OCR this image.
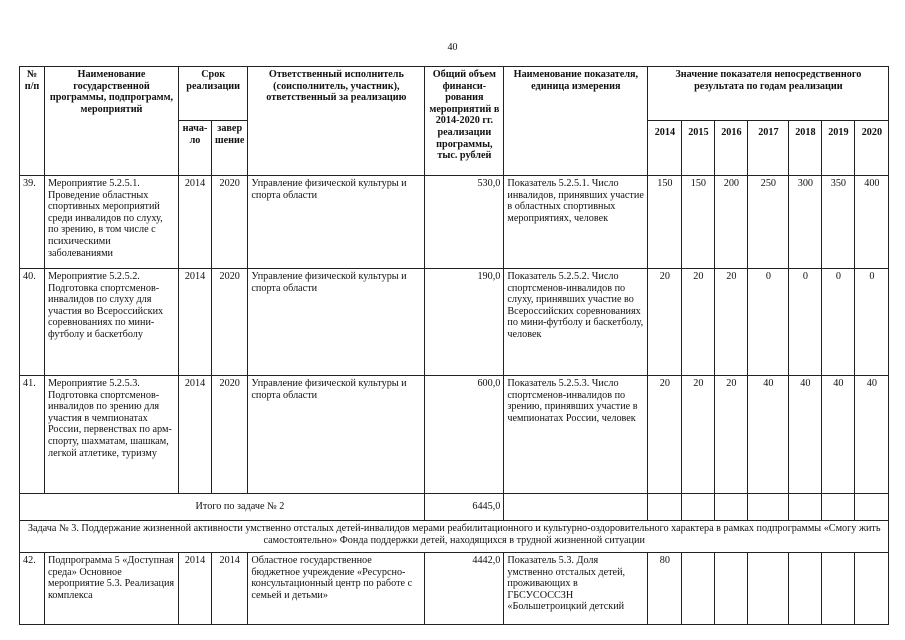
40
№ п/п	Наименование государственной программы, подпрограмм, мероприятий	Срок реализации		Ответственный исполнитель (соисполнитель, участник), ответственный за реализацию	Общий объем финанси-рования мероприятий в 2014-2020 гг. реализации программы, тыс. рублей	Наименование показателя, единица измерения	Значение показателя непосредственного результата по годам реализации						
		нача-ло	завер шение				2014	2015	2016	2017	2018	2019	2020
39.	Мероприятие 5.2.5.1. Проведение областных спортивных мероприятий среди инвалидов по слуху, по зрению, в том числе с психическими заболеваниями	2014	2020	Управление физической культуры и спорта области	530,0	Показатель 5.2.5.1. Число инвалидов, принявших участие в областных спортивных мероприятиях, человек	150	150	200	250	300	350	400
40.	Мероприятие 5.2.5.2. Подготовка спортсменов-инвалидов по слуху для участия во Всероссийских соревнованиях по мини-футболу и баскетболу	2014	2020	Управление физической культуры и спорта области	190,0	Показатель 5.2.5.2. Число спортсменов-инвалидов по слуху, принявших участие во Всероссийских соревнованиях по мини-футболу и баскетболу, человек	20	20	20	0	0	0	0
41.	Мероприятие 5.2.5.3. Подготовка спортсменов-инвалидов по зрению для участия в чемпионатах России, первенствах по арм-спорту, шахматам, шашкам, легкой атлетике, туризму	2014	2020	Управление физической культуры и спорта области	600,0	Показатель 5.2.5.3. Число спортсменов-инвалидов по зрению, принявших участие в чемпионатах России, человек	20	20	20	40	40	40	40
Итого по задаче № 2					6445,0								
Задача № 3. Поддержание жизненной активности умственно отсталых детей-инвалидов мерами реабилитационного и культурно-оздоровительного характера в рамках подпрограммы «Смогу жить самостоятельно» Фонда поддержки детей, находящихся в трудной жизненной ситуации													
42.	Подпрограмма 5 «Доступная среда» Основное мероприятие 5.3. Реализация комплекса	2014	2014	Областное государственное бюджетное учреждение «Ресурсно-консультационный центр по работе с семьей и детьми»	4442,0	Показатель 5.3. Доля умственно отсталых детей, проживающих в ГБСУСОССЗН «Большетроицкий детский	80						
